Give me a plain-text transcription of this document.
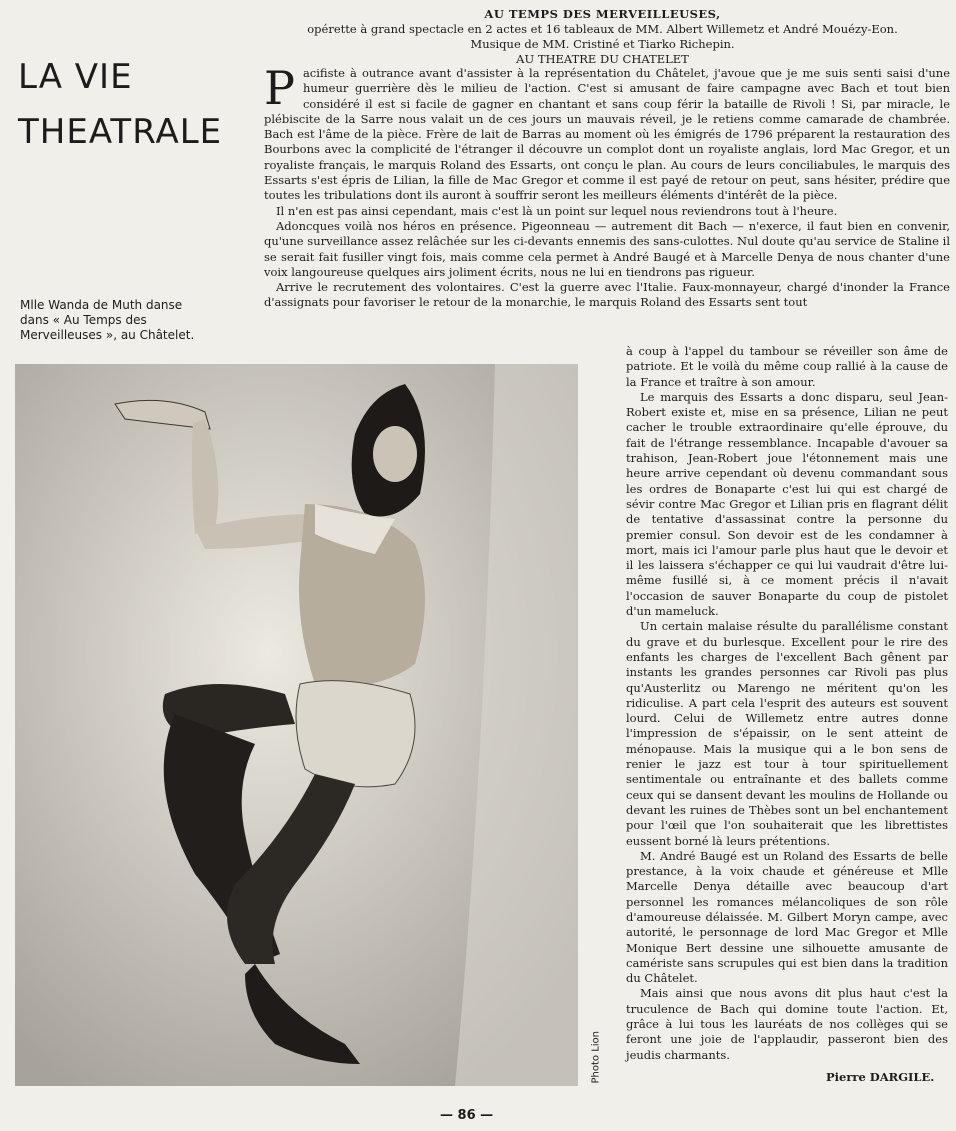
LA VIE
THEATRALE
Mlle Wanda de Muth danse dans « Au Temps des Merveilleuses », au Châtelet.
AU TEMPS DES MERVEILLEUSES,
opérette à grand spectacle en 2 actes et 16 tableaux de MM. Albert Willemetz et André Mouézy-Eon.
Musique de MM. Cristiné et Tiarko Richepin.
AU THEATRE DU CHATELET

P acifiste à outrance avant d'assister à la représentation du Châtelet, j'avoue que je me suis senti saisi d'une humeur guerrière dès le milieu de l'action. C'est si amusant de faire campagne avec Bach et tout bien considéré il est si facile de gagner en chantant et sans coup férir la bataille de Rivoli ! Si, par miracle, le plébiscite de la Sarre nous valait un de ces jours un mauvais réveil, je le retiens comme camarade de chambrée. Bach est l'âme de la pièce. Frère de lait de Barras au moment où les émigrés de 1796 préparent la restauration des Bourbons avec la complicité de l'étranger il découvre un complot dont un royaliste anglais, lord Mac Gregor, et un royaliste français, le marquis Roland des Essarts, ont conçu le plan. Au cours de leurs conciliabules, le marquis des Essarts s'est épris de Lilian, la fille de Mac Gregor et comme il est payé de retour on peut, sans hésiter, prédire que toutes les tribulations dont ils auront à souffrir seront les meilleurs éléments d'intérêt de la pièce.

Il n'en est pas ainsi cependant, mais c'est là un point sur lequel nous reviendrons tout à l'heure.

Adoncques voilà nos héros en présence. Pigeonneau — autrement dit Bach — n'exerce, il faut bien en convenir, qu'une surveillance assez relâchée sur les ci-devants ennemis des sans-culottes. Nul doute qu'au service de Staline il se serait fait fusiller vingt fois, mais comme cela permet à André Baugé et à Marcelle Denya de nous chanter d'une voix langoureuse quelques airs joliment écrits, nous ne lui en tiendrons pas rigueur.

Arrive le recrutement des volontaires. C'est la guerre avec l'Italie. Faux-monnayeur, chargé d'inonder la France d'assignats pour favoriser le retour de la monarchie, le marquis Roland des Essarts sent tout

Photo Lion

à coup à l'appel du tambour se réveiller son âme de patriote. Et le voilà du même coup rallié à la cause de la France et traître à son amour.

Le marquis des Essarts a donc disparu, seul Jean-Robert existe et, mise en sa présence, Lilian ne peut cacher le trouble extraordinaire qu'elle éprouve, du fait de l'étrange ressemblance. Incapable d'avouer sa trahison, Jean-Robert joue l'étonnement mais une heure arrive cependant où devenu commandant sous les ordres de Bonaparte c'est lui qui est chargé de sévir contre Mac Gregor et Lilian pris en flagrant délit de tentative d'assassinat contre la personne du premier consul. Son devoir est de les condamner à mort, mais ici l'amour parle plus haut que le devoir et il les laissera s'échapper ce qui lui vaudrait d'être lui-même fusillé si, à ce moment précis il n'avait l'occasion de sauver Bonaparte du coup de pistolet d'un mameluck.

Un certain malaise résulte du parallélisme constant du grave et du burlesque. Excellent pour le rire des enfants les charges de l'excellent Bach gênent par instants les grandes personnes car Rivoli pas plus qu'Austerlitz ou Marengo ne méritent qu'on les ridiculise. A part cela l'esprit des auteurs est souvent lourd. Celui de Willemetz entre autres donne l'impression de s'épaissir, on le sent atteint de ménopause. Mais la musique qui a le bon sens de renier le jazz est tour à tour spirituellement sentimentale ou entraînante et des ballets comme ceux qui se dansent devant les moulins de Hollande ou devant les ruines de Thèbes sont un bel enchantement pour l'œil que l'on souhaiterait que les librettistes eussent borné là leurs prétentions.

M. André Baugé est un Roland des Essarts de belle prestance, à la voix chaude et généreuse et Mlle Marcelle Denya détaille avec beaucoup d'art personnel les romances mélancoliques de son rôle d'amoureuse délaissée. M. Gilbert Moryn campe, avec autorité, le personnage de lord Mac Gregor et Mlle Monique Bert dessine une silhouette amusante de camériste sans scrupules qui est bien dans la tradition du Châtelet.

Mais ainsi que nous avons dit plus haut c'est la truculence de Bach qui domine toute l'action. Et, grâce à lui tous les lauréats de nos collèges qui se feront une joie de l'applaudir, passeront bien des jeudis charmants.

Pierre DARGILE.
— 86 —
